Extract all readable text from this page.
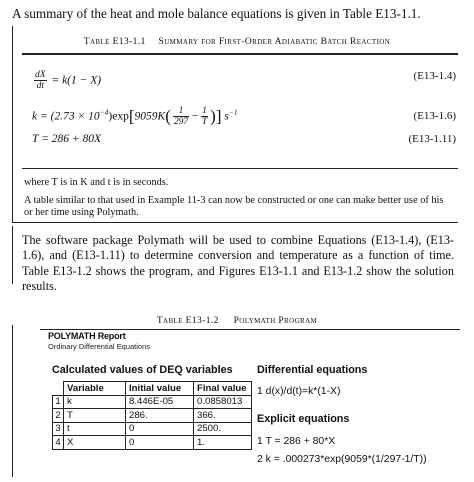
A summary of the heat and mole balance equations is given in Table E13-1.1.
Table E13-1.1 Summary for First-Order Adiabatic Batch Reaction
$\frac{dX}{dt} = k(1 - X)$	(E13-1.4)
$k = (2.73 \times 10^{-4})\exp[9059K( \frac{1}{297} - \frac{1}{T}$ )] $s^{-1}$	(E13-1.6)
T = 286 + 80X	(E13-1.11)
where T is in K and t is in seconds.
A table similar to that used in Example 11-3 can now be constructed or one can make better use of his or her time using Polymath.
The software package Polymath will be used to combine Equations (E13-1.4), (E13-1.6), and (E13-1.11) to determine conversion and temperature as a function of time. Table E13-1.2 shows the program, and Figures E13-1.1 and E13-1.2 show the solution results.
Table E13-1.2 Polymath Program
POLYMATH Report
Ordinary Differential Equations
Calculated values of DEQ variables
	Variable	Initial value	Final value
1	k	8.446E-05	0.0858013
2	T	286.	366.
3	t	0	2500.
4	X	0	1.
Differential equations
1 d(x)/d(t)=k*(1-X)
Explicit equations
1 T = 286 + 80*X
2 k = .000273*exp(9059*(1/297-1/T))
